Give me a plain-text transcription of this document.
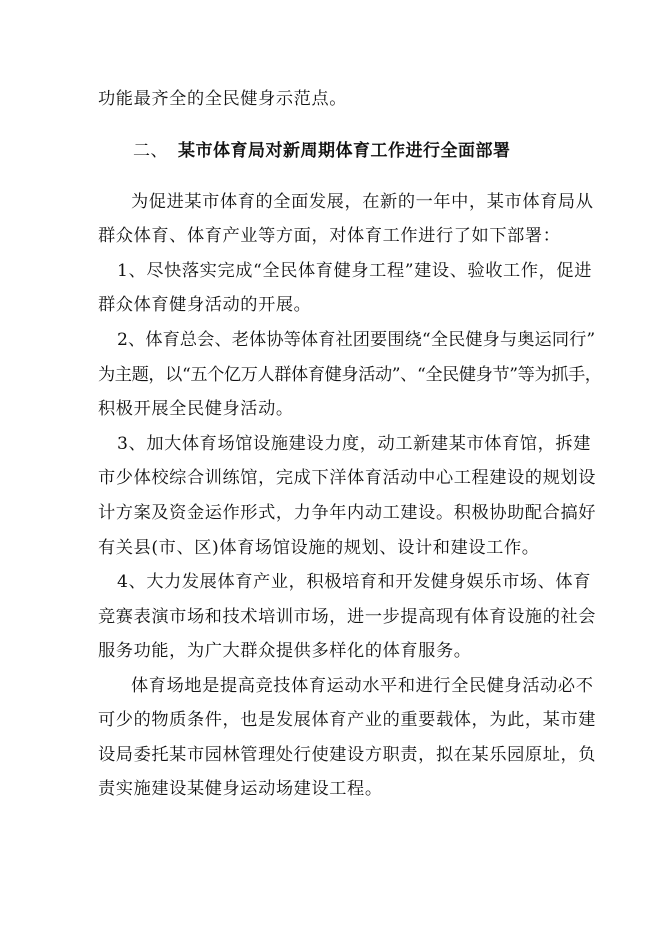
功能最齐全的全民健身示范点。
二、 某市体育局对新周期体育工作进行全面部署
为促进某市体育的全面发展，在新的一年中，某市体育局从
群众体育、体育产业等方面，对体育工作进行了如下部署：
1、尽快落实完成“全民体育健身工程”建设、验收工作，促进
群众体育健身活动的开展。
2、体育总会、老体协等体育社团要围绕“全民健身与奥运同行”
为主题，以“五个亿万人群体育健身活动”、“全民健身节”等为抓手，
积极开展全民健身活动。
3、加大体育场馆设施建设力度，动工新建某市体育馆，拆建
市少体校综合训练馆，完成下洋体育活动中心工程建设的规划设
计方案及资金运作形式，力争年内动工建设。积极协助配合搞好
有关县(市、区)体育场馆设施的规划、设计和建设工作。
4、大力发展体育产业，积极培育和开发健身娱乐市场、体育
竞赛表演市场和技术培训市场，进一步提高现有体育设施的社会
服务功能，为广大群众提供多样化的体育服务。
体育场地是提高竞技体育运动水平和进行全民健身活动必不
可少的物质条件，也是发展体育产业的重要载体，为此，某市建
设局委托某市园林管理处行使建设方职责，拟在某乐园原址，负
责实施建设某健身运动场建设工程。
